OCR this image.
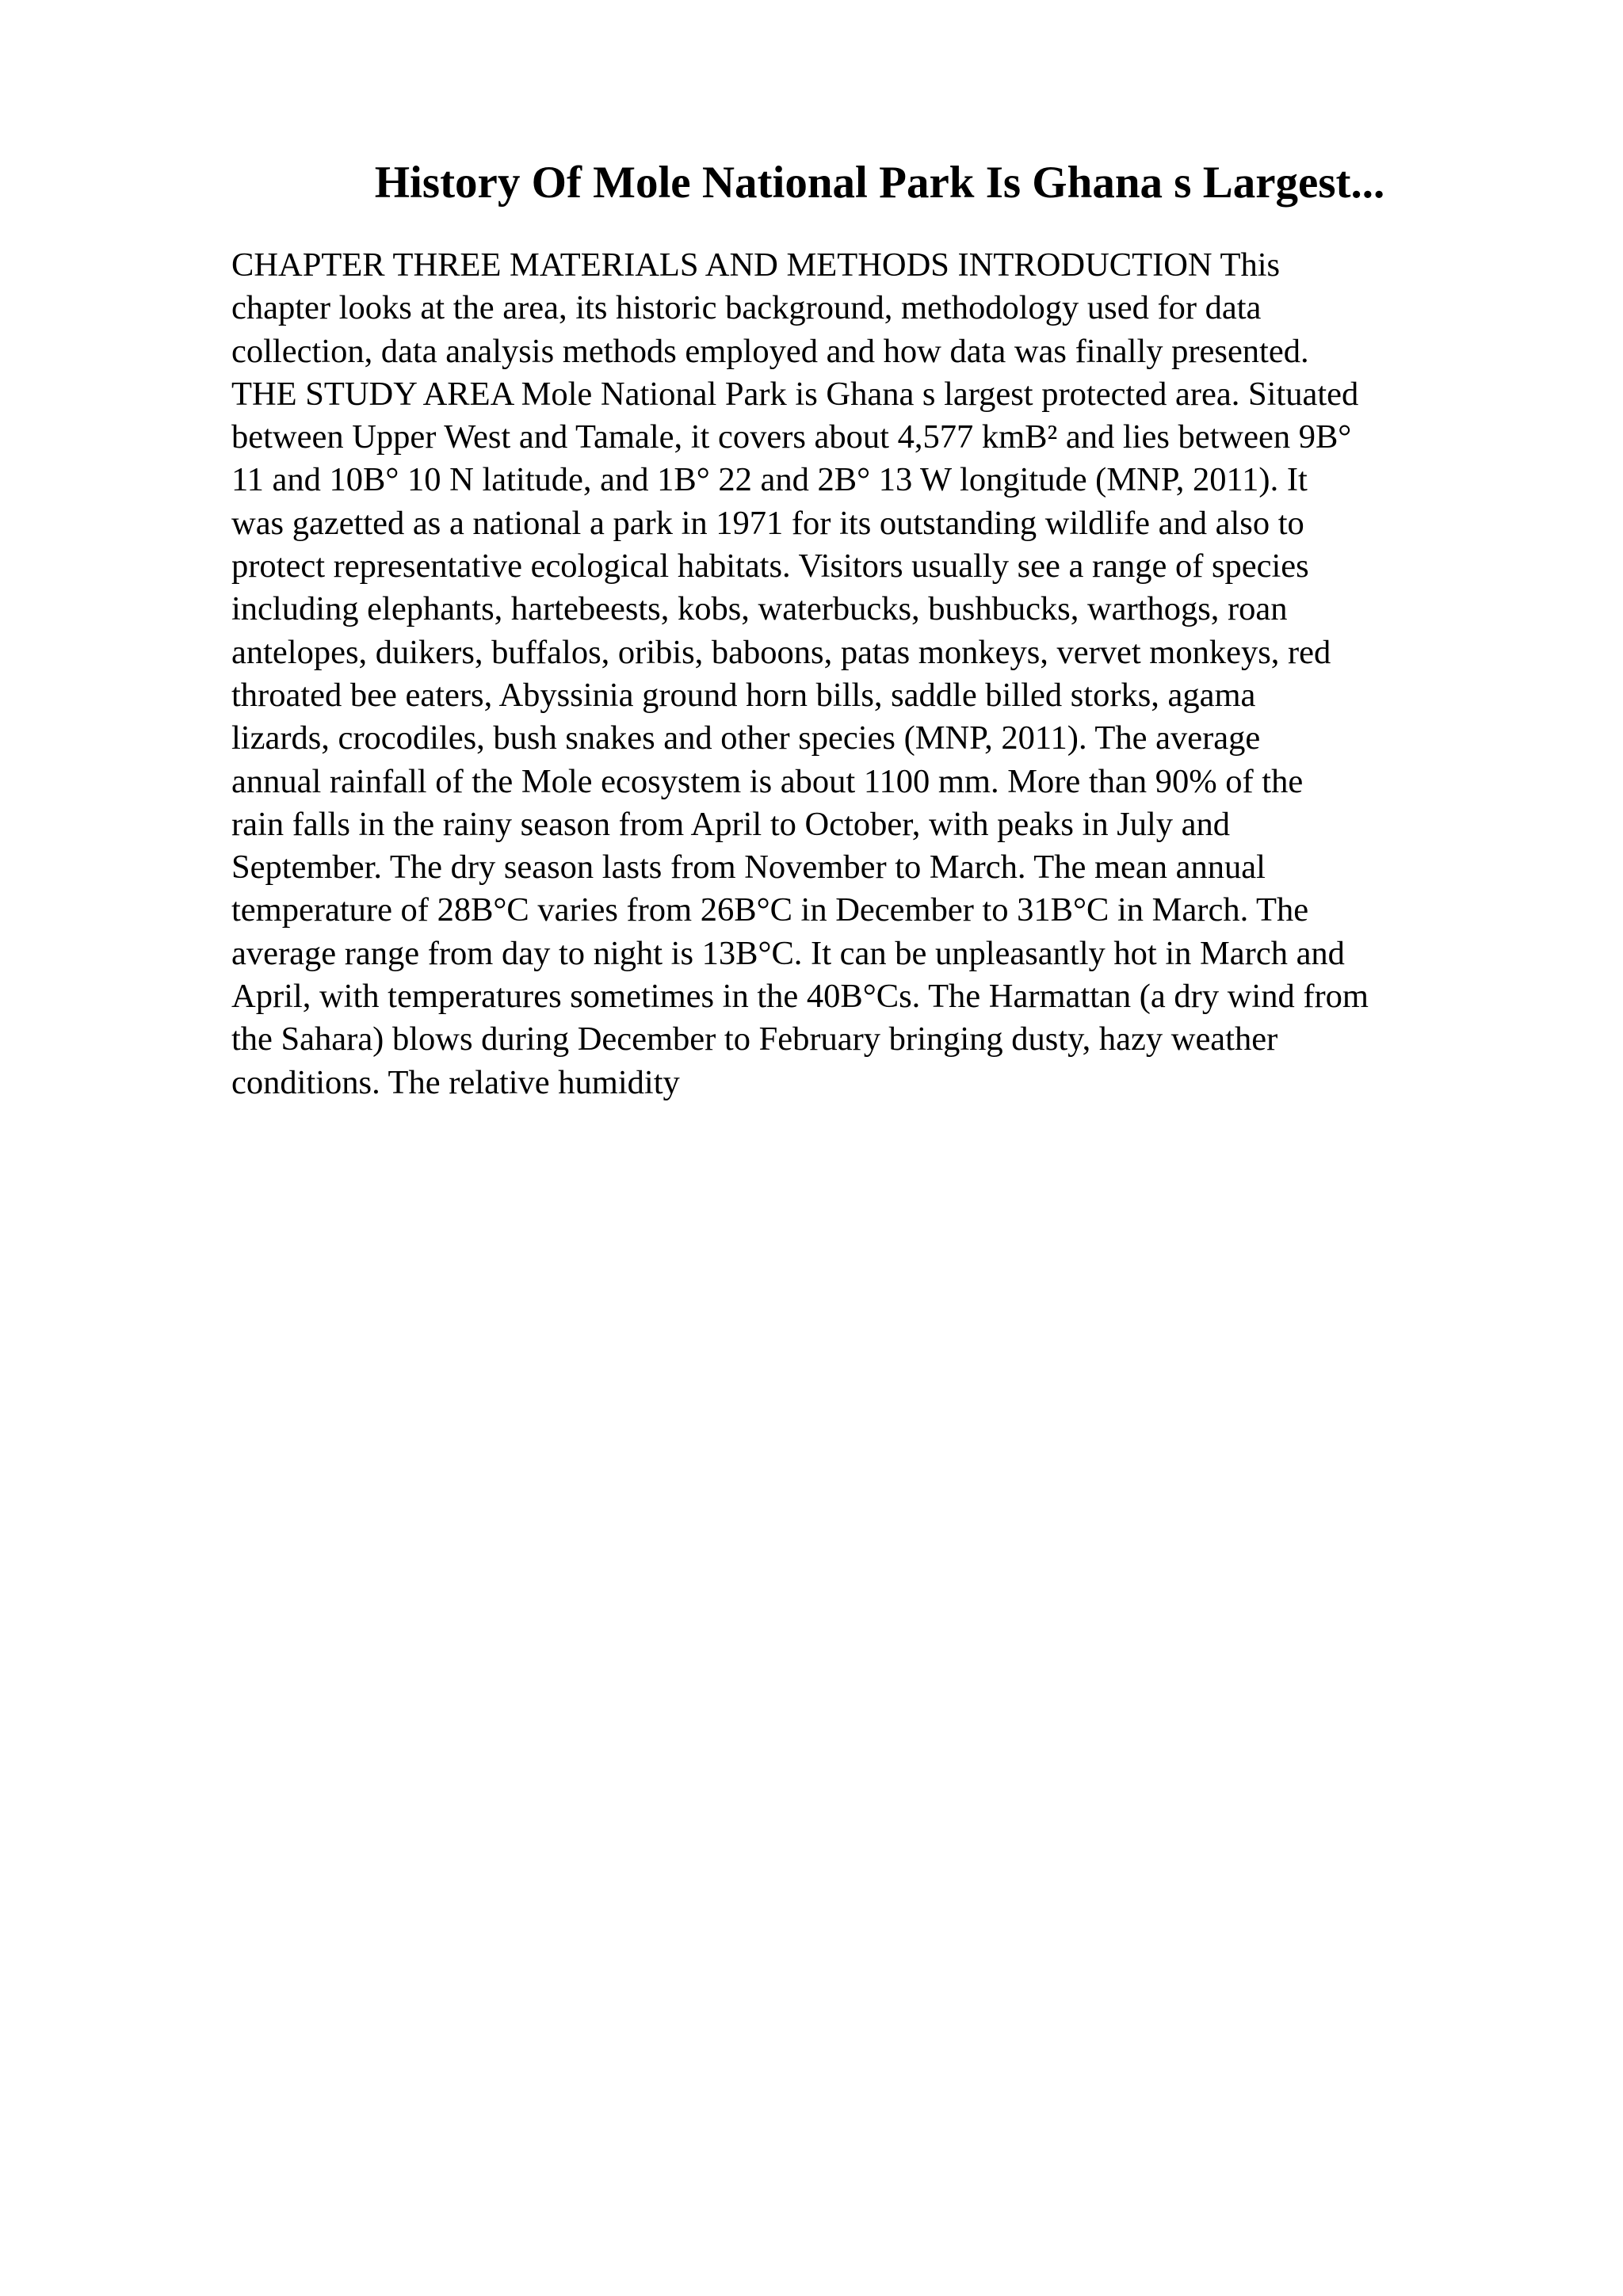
History Of Mole National Park Is Ghana s Largest...
CHAPTER THREE MATERIALS AND METHODS INTRODUCTION This
chapter looks at the area, its historic background, methodology used for data
collection, data analysis methods employed and how data was finally presented.
THE STUDY AREA Mole National Park is Ghana s largest protected area. Situated
between Upper West and Tamale, it covers about 4,577 kmB² and lies between 9B°
11 and 10B° 10 N latitude, and 1B° 22 and 2B° 13 W longitude (MNP, 2011). It
was gazetted as a national a park in 1971 for its outstanding wildlife and also to
protect representative ecological habitats. Visitors usually see a range of species
including elephants, hartebeests, kobs, waterbucks, bushbucks, warthogs, roan
antelopes, duikers, buffalos, oribis, baboons, patas monkeys, vervet monkeys, red
throated bee eaters, Abyssinia ground horn bills, saddle billed storks, agama
lizards, crocodiles, bush snakes and other species (MNP, 2011). The average
annual rainfall of the Mole ecosystem is about 1100 mm. More than 90% of the
rain falls in the rainy season from April to October, with peaks in July and
September. The dry season lasts from November to March. The mean annual
temperature of 28B°C varies from 26B°C in December to 31B°C in March. The
average range from day to night is 13B°C. It can be unpleasantly hot in March and
April, with temperatures sometimes in the 40B°Cs. The Harmattan (a dry wind from
the Sahara) blows during December to February bringing dusty, hazy weather
conditions. The relative humidity
